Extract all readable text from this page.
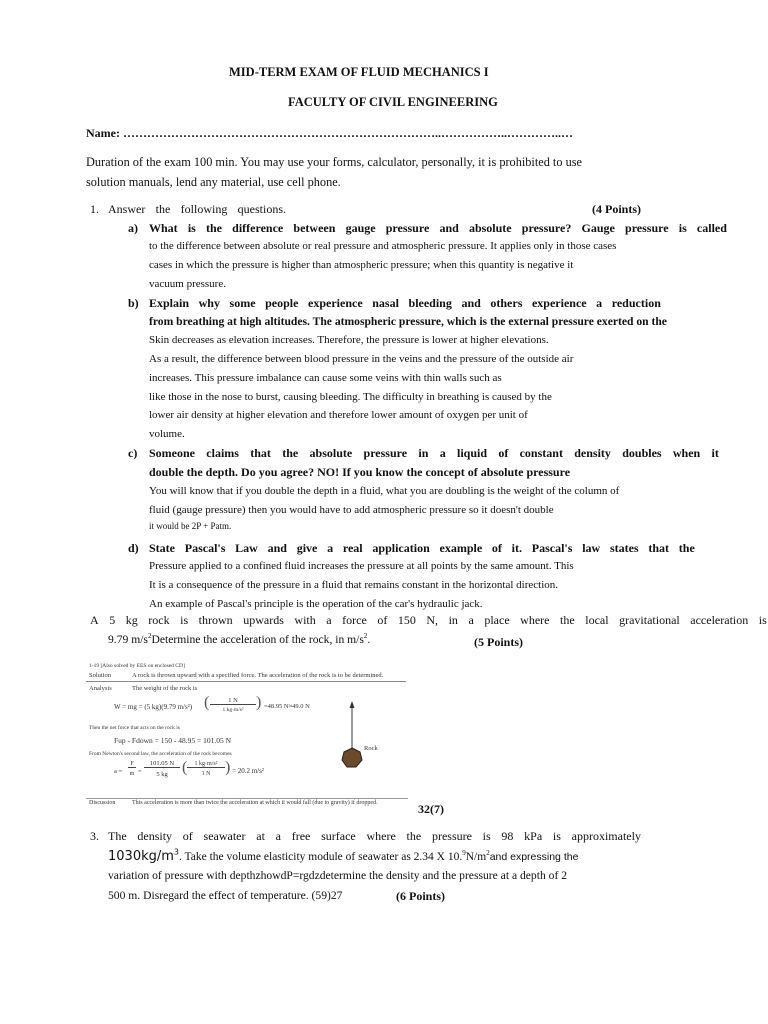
MID-TERM EXAM OF FLUID MECHANICS I
FACULTY OF CIVIL ENGINEERING
Name: ……………………………………………………………………..……………..…………..…
Duration of the exam 100 min. You may use your forms, calculator, personally, it is prohibited to use
solution manuals, lend any material, use cell phone.
1. Answer the following questions.	(4 Points)
a) What is the difference between gauge pressure and absolute pressure? Gauge pressure is called
to the difference between absolute or real pressure and atmospheric pressure. It applies only in those cases
cases in which the pressure is higher than atmospheric pressure; when this quantity is negative it
vacuum pressure.
b) Explain why some people experience nasal bleeding and others experience a reduction
from breathing at high altitudes. The atmospheric pressure, which is the external pressure exerted on the
Skin decreases as elevation increases. Therefore, the pressure is lower at higher elevations.
As a result, the difference between blood pressure in the veins and the pressure of the outside air
increases. This pressure imbalance can cause some veins with thin walls such as
like those in the nose to burst, causing bleeding. The difficulty in breathing is caused by the
lower air density at higher elevation and therefore lower amount of oxygen per unit of
volume.
c) Someone claims that the absolute pressure in a liquid of constant density doubles when it
double the depth. Do you agree? NO! If you know the concept of absolute pressure
You will know that if you double the depth in a fluid, what you are doubling is the weight of the column of
fluid (gauge pressure) then you would have to add atmospheric pressure so it doesn't double
it would be 2P + Patm.
d) State Pascal's Law and give a real application example of it. Pascal's law states that the
Pressure applied to a confined fluid increases the pressure at all points by the same amount. This
It is a consequence of the pressure in a fluid that remains constant in the horizontal direction.
An example of Pascal's principle is the operation of the car's hydraulic jack.
A 5 kg rock is thrown upwards with a force of 150 N, in a place where the local gravitational acceleration is
9.79 $m/s^2Determine$ the acceleration of the rock, in $m/s^2$.	(5 Points)
1-19 [Also solved by EES on enclosed CD]
Solution	A rock is thrown upward with a specified force. The acceleration of the rock is to be determined.
Analysis	The weight of the rock is
W = mg = (5 kg)(9.79 m/s²) (	1 N
1 kg·m/s² ) =48.95 N≈49.0 N
Then the net force that acts on the rock is
Fup - Fdown = 150 - 48.95 = 101.05 N
From Newton's second law, the acceleration of the rock becomes
a =
F
m =
101.05 N
5 kg (	1 kg·m/s²
1 N ) = 20.2 m/s²
Rock
Discussion	This acceleration is more than twice the acceleration at which it would fall (due to gravity) if dropped.	32(7)
3. The density of seawater at a free surface where the pressure is 98 kPa is approximately
$1030kg/m^3$. Take the volume elasticity module of seawater as 2.34 X $10.^9N/m^2and$ expressing the
variation of pressure with depthzhowdP=rgdzdetermine the density and the pressure at a depth of 2
500 m. Disregard the effect of temperature. (59)27	(6 Points)
